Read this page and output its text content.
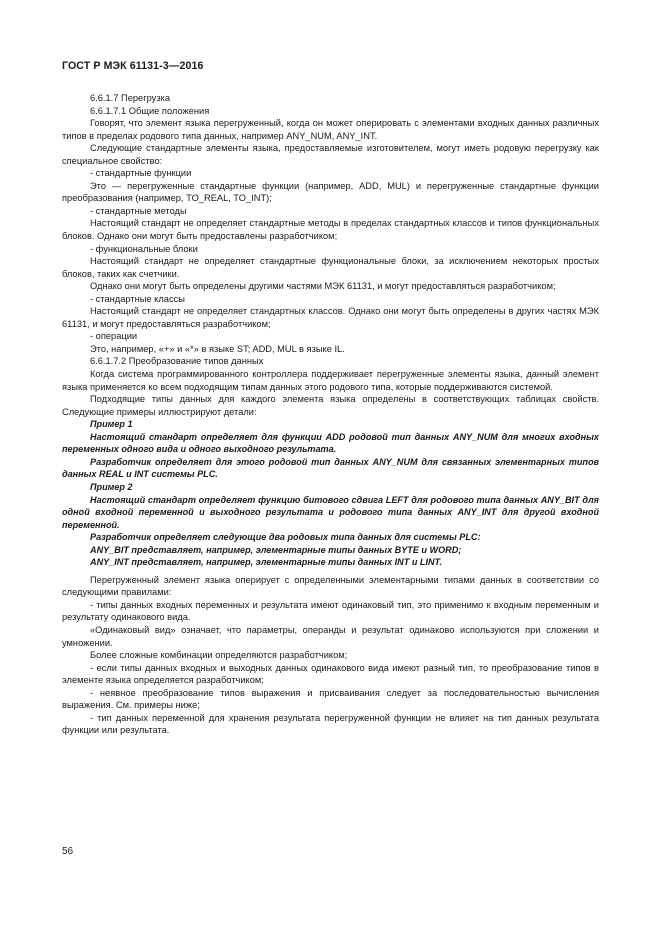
ГОСТ Р МЭК 61131-3—2016

6.6.1.7 Перегрузка

6.6.1.7.1 Общие положения

Говорят, что элемент языка перегруженный, когда он может оперировать с элементами входных данных различных типов в пределах родового типа данных, например ANY_NUM, ANY_INT.

Следующие стандартные элементы языка, предоставляемые изготовителем, могут иметь родовую перегрузку как специальное свойство:

- стандартные функции

Это — перегруженные стандартные функции (например, ADD, MUL) и перегруженные стандартные функции преобразования (например, TO_REAL, TO_INT);

- стандартные методы

Настоящий стандарт не определяет стандартные методы в пределах стандартных классов и типов функциональных блоков. Однако они могут быть предоставлены разработчиком;

- функциональные блоки

Настоящий стандарт не определяет стандартные функциональные блоки, за исключением некоторых простых блоков, таких как счетчики.

Однако они могут быть определены другими частями МЭК 61131, и могут предоставляться разработчиком;

- стандартные классы

Настоящий стандарт не определяет стандартных классов. Однако они могут быть определены в других частях МЭК 61131, и могут предоставляться разработчиком;

- операции

Это, например, «+» и «*» в языке ST; ADD, MUL в языке IL.

6.6.1.7.2 Преобразование типов данных

Когда система программированного контроллера поддерживает перегруженные элементы языка, данный элемент языка применяется ко всем подходящим типам данных этого родового типа, которые поддерживаются системой.

Подходящие типы данных для каждого элемента языка определены в соответствующих таблицах свойств. Следующие примеры иллюстрируют детали:

Пример 1

Настоящий стандарт определяет для функции ADD родовой тип данных ANY_NUM для многих входных переменных одного вида и одного выходного результата.

Разработчик определяет для этого родовой тип данных ANY_NUM для связанных элементарных типов данных REAL и INT системы PLC.

Пример 2

Настоящий стандарт определяет функцию битового сдвига LEFT для родового типа данных ANY_BIT для одной входной переменной и выходного результата и родового типа данных ANY_INT для другой входной переменной.

Разработчик определяет следующие два родовых типа данных для системы PLC:

ANY_BIT представляет, например, элементарные типы данных BYTE и WORD;

ANY_INT представляет, например, элементарные типы данных INT и LINT.

Перегруженный элемент языка оперирует с определенными элементарными типами данных в соответствии со следующими правилами:

- типы данных входных переменных и результата имеют одинаковый тип, это применимо к входным переменным и результату одинакового вида.

«Одинаковый вид» означает, что параметры, операнды и результат одинаково используются при сложении и умножении.

Более сложные комбинации определяются разработчиком;

- если типы данных входных и выходных данных одинакового вида имеют разный тип, то преобразование типов в элементе языка определяется разработчиком;

- неявное преобразование типов выражения и присваивания следует за последовательностью вычисления выражения. См. примеры ниже;

- тип данных переменной для хранения результата перегруженной функции не влияет на тип данных результата функции или результата.

56
